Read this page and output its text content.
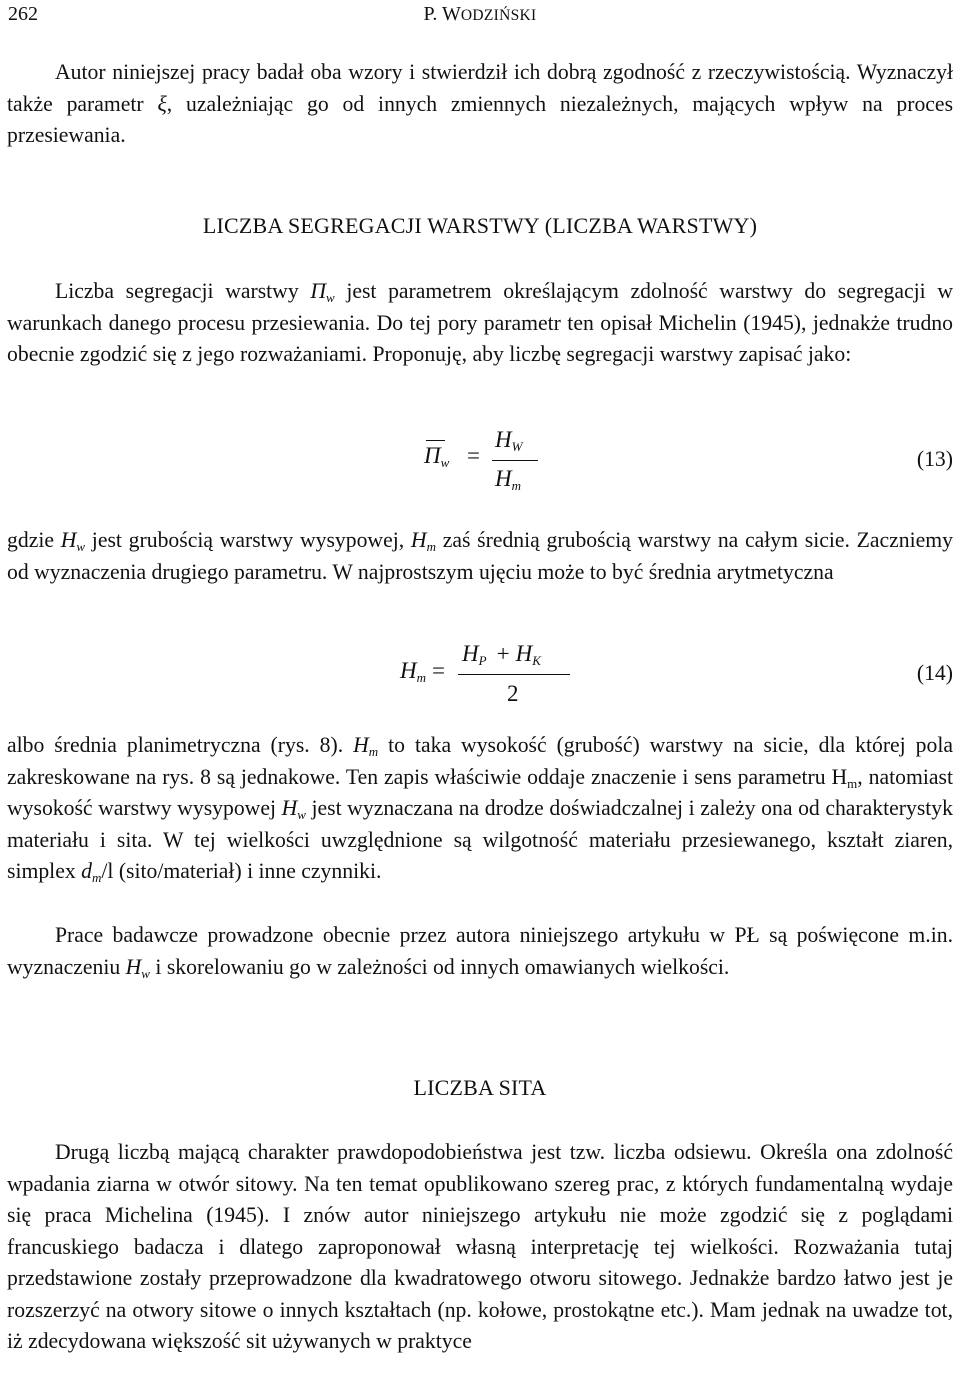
262	P. WODZIŃSKI
Autor niniejszej pracy badał oba wzory i stwierdził ich dobrą zgodność z rzeczywistością. Wyznaczył także parametr ξ, uzależniając go od innych zmiennych niezależnych, mających wpływ na proces przesiewania.
LICZBA SEGREGACJI WARSTWY (LICZBA WARSTWY)
Liczba segregacji warstwy $\Pi_w$ jest parametrem określającym zdolność warstwy do segregacji w warunkach danego procesu przesiewania. Do tej pory parametr ten opisał Michelin (1945), jednakże trudno obecnie zgodzić się z jego rozważaniami. Proponuję, aby liczbę segregacji warstwy zapisać jako:
$\Pi_w$ =
$H_W$
$H_m$
(13)
gdzie $H_w$ jest grubością warstwy wysypowej, $H_m$ zaś średnią grubością warstwy na całym sicie. Zaczniemy od wyznaczenia drugiego parametru. W najprostszym ujęciu może to być średnia arytmetyczna
$H_m$ =
$H_P + H_K$
2
(14)
albo średnia planimetryczna (rys. 8). $H_m$ to taka wysokość (grubość) warstwy na sicie, dla której pola zakreskowane na rys. 8 są jednakowe. Ten zapis właściwie oddaje znaczenie i sens parametru $H_m$, natomiast wysokość warstwy wysypowej $H_w$ jest wyznaczana na drodze doświadczalnej i zależy ona od charakterystyk materiału i sita. W tej wielkości uwzględnione są wilgotność materiału przesiewanego, kształt ziaren, simplex $d_m/l$ (sito/materiał) i inne czynniki.
Prace badawcze prowadzone obecnie przez autora niniejszego artykułu w PŁ są poświęcone m.in. wyznaczeniu $H_w$ i skorelowaniu go w zależności od innych omawianych wielkości.
LICZBA SITA
Drugą liczbą mającą charakter prawdopodobieństwa jest tzw. liczba odsiewu. Określa ona zdolność wpadania ziarna w otwór sitowy. Na ten temat opublikowano szereg prac, z których fundamentalną wydaje się praca Michelina (1945). I znów autor niniejszego artykułu nie może zgodzić się z poglądami francuskiego badacza i dlatego zaproponował własną interpretację tej wielkości. Rozważania tutaj przedstawione zostały przeprowadzone dla kwadratowego otworu sitowego. Jednakże bardzo łatwo jest je rozszerzyć na otwory sitowe o innych kształtach (np. kołowe, prostokątne etc.). Mam jednak na uwadze tot, iż zdecydowana większość sit używanych w praktyce
